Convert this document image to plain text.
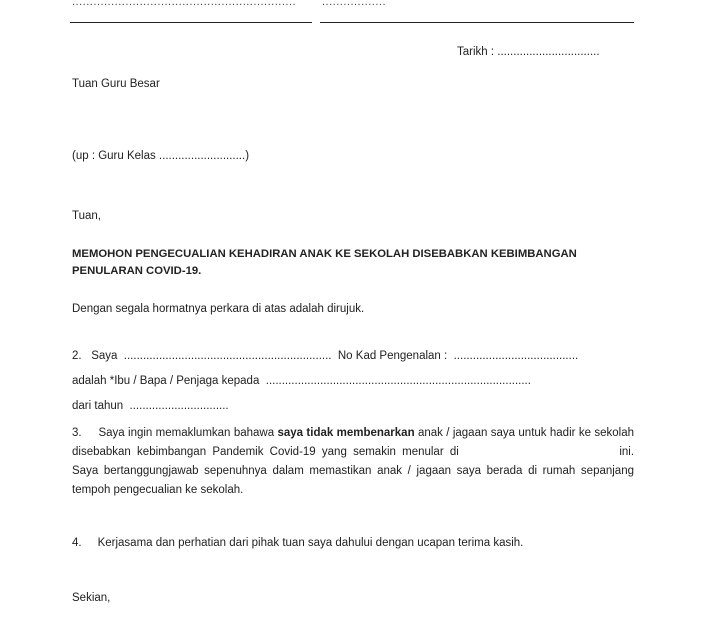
............................................................... ..................
Tarikh : ................................
Tuan Guru Besar
(up : Guru Kelas ...........................)
Tuan,
MEMOHON PENGECUALIAN KEHADIRAN ANAK KE SEKOLAH DISEBABKAN KEBIMBANGAN
PENULARAN COVID-19.
Dengan segala hormatnya perkara di atas adalah dirujuk.
2. Saya ................................................................. No Kad Pengenalan : .......................................
adalah *Ibu / Bapa / Penjaga kepada ...................................................................................
dari tahun ...............................
3. Saya ingin memaklumkan bahawa saya tidak membenarkan anak / jagaan saya untuk hadir ke sekolah disebabkan kebimbangan Pandemik Covid-19 yang semakin menular di	ini. Saya bertanggungjawab sepenuhnya dalam memastikan anak / jagaan saya berada di rumah sepanjang tempoh pengecualian ke sekolah.
4. Kerjasama dan perhatian dari pihak tuan saya dahului dengan ucapan terima kasih.
Sekian,
